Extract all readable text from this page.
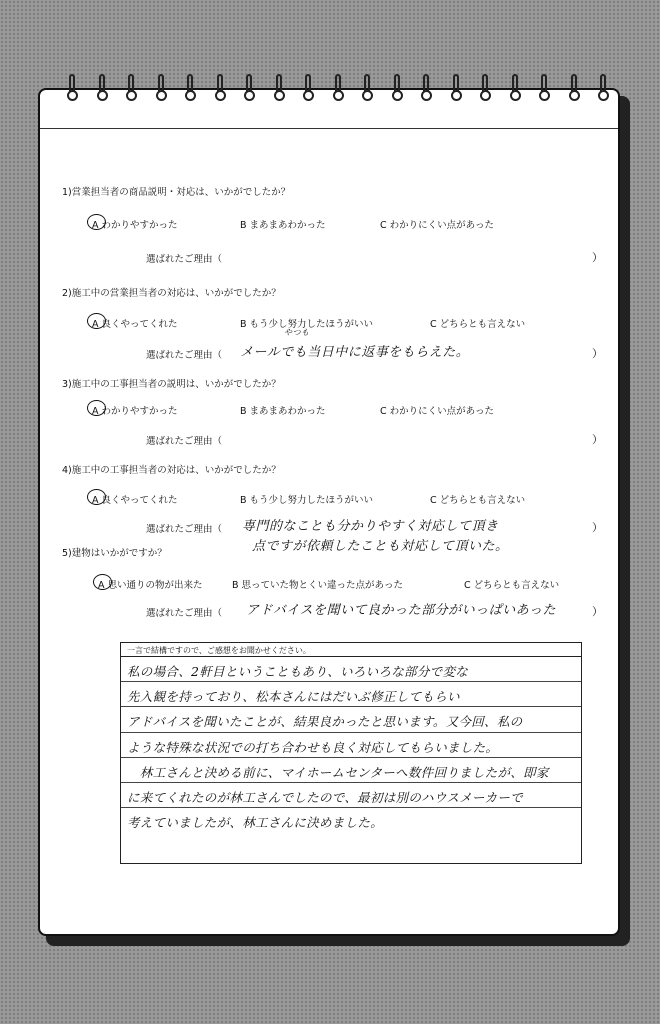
1)営業担当者の商品説明・対応は、いかがでしたか？
A わかりやすかった	B まあまあわかった	C わかりにくい点があった
選ばれたご理由（	）
2)施工中の営業担当者の対応は、いかがでしたか？
A 良くやってくれた	B もう少し努力したほうがいい	C どちらとも言えない
選ばれたご理由（
やつも
メールでも当日中に返事をもらえた。	）
3)施工中の工事担当者の説明は、いかがでしたか？
A わかりやすかった	B まあまあわかった	C わかりにくい点があった
選ばれたご理由（	）
4)施工中の工事担当者の対応は、いかがでしたか？
A 良くやってくれた	B もう少し努力したほうがいい	C どちらとも言えない
選ばれたご理由（ 専門的なことも分かりやすく対応して頂き
点ですが依頼したことも対応して頂いた。
）
5)建物はいかがですか？
A 思い通りの物が出来た	B 思っていた物とくい違った点があった	C どちらとも言えない
選ばれたご理由（ アドバイスを聞いて良かった部分がいっぱいあった	）
一言で結構ですので、ご感想をお聞かせください。
私の場合、2軒目ということもあり、いろいろな部分で変な
先入観を持っており、松本さんにはだいぶ修正してもらい
アドバイスを聞いたことが、結果良かったと思います。又今回、私の
ような特殊な状況での打ち合わせも良く対応してもらいました。
　林工さんと決める前に、マイホームセンターへ数件回りましたが、即家
に来てくれたのが林工さんでしたので、最初は別のハウスメーカーで
考えていましたが、林工さんに決めました。
